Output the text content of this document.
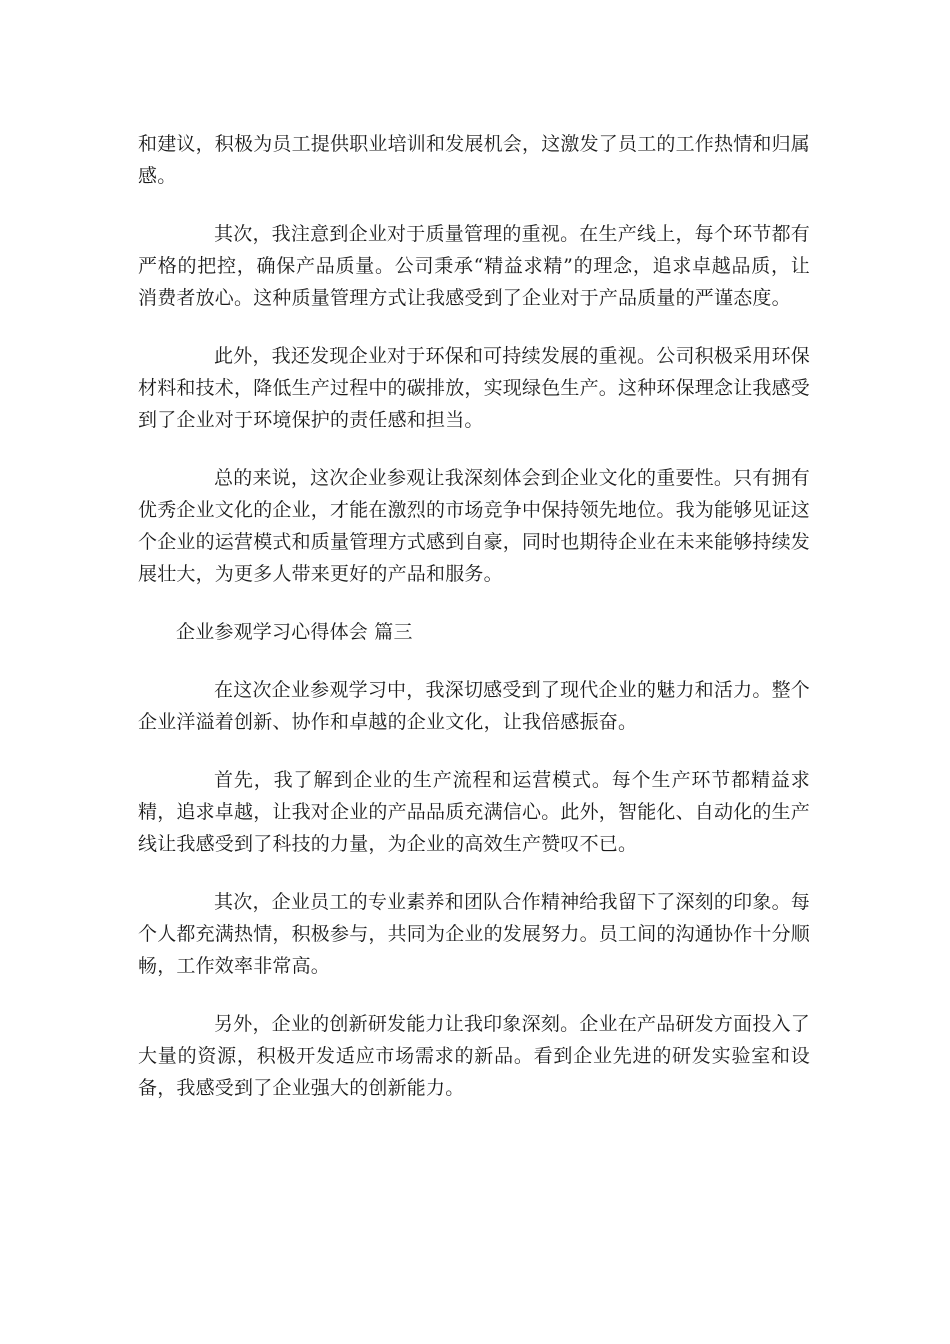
和建议，积极为员工提供职业培训和发展机会，这激发了员工的工作热情和归属感。

其次，我注意到企业对于质量管理的重视。在生产线上，每个环节都有严格的把控，确保产品质量。公司秉承“精益求精”的理念，追求卓越品质，让消费者放心。这种质量管理方式让我感受到了企业对于产品质量的严谨态度。

此外，我还发现企业对于环保和可持续发展的重视。公司积极采用环保材料和技术，降低生产过程中的碳排放，实现绿色生产。这种环保理念让我感受到了企业对于环境保护的责任感和担当。

总的来说，这次企业参观让我深刻体会到企业文化的重要性。只有拥有优秀企业文化的企业，才能在激烈的市场竞争中保持领先地位。我为能够见证这个企业的运营模式和质量管理方式感到自豪，同时也期待企业在未来能够持续发展壮大，为更多人带来更好的产品和服务。

企业参观学习心得体会 篇三

在这次企业参观学习中，我深切感受到了现代企业的魅力和活力。整个企业洋溢着创新、协作和卓越的企业文化，让我倍感振奋。

首先，我了解到企业的生产流程和运营模式。每个生产环节都精益求精，追求卓越，让我对企业的产品品质充满信心。此外，智能化、自动化的生产线让我感受到了科技的力量，为企业的高效生产赞叹不已。

其次，企业员工的专业素养和团队合作精神给我留下了深刻的印象。每个人都充满热情，积极参与，共同为企业的发展努力。员工间的沟通协作十分顺畅，工作效率非常高。

另外，企业的创新研发能力让我印象深刻。企业在产品研发方面投入了大量的资源，积极开发适应市场需求的新品。看到企业先进的研发实验室和设备，我感受到了企业强大的创新能力。
